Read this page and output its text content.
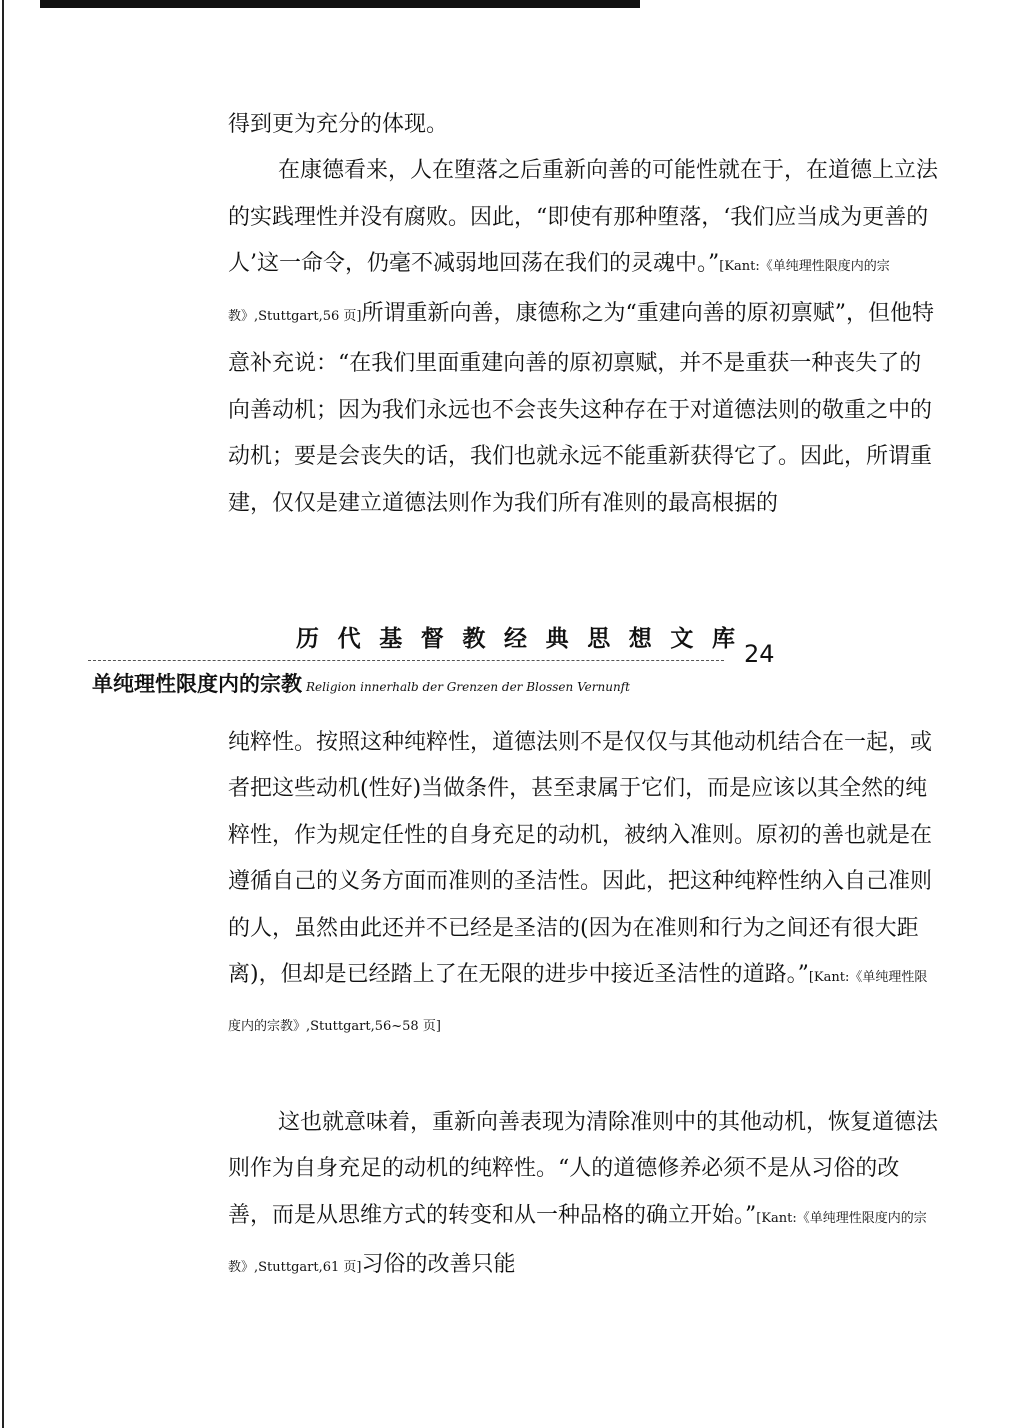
得到更为充分的体现。

在康德看来，人在堕落之后重新向善的可能性就在于，在道德上立法的实践理性并没有腐败。因此，“即使有那种堕落，‘我们应当成为更善的人’这一命令，仍毫不减弱地回荡在我们的灵魂中。”[Kant:《单纯理性限度内的宗教》,Stuttgart,56 页]所谓重新向善，康德称之为“重建向善的原初禀赋”，但他特意补充说：“在我们里面重建向善的原初禀赋，并不是重获一种丧失了的向善动机；因为我们永远也不会丧失这种存在于对道德法则的敬重之中的动机；要是会丧失的话，我们也就永远不能重新获得它了。因此，所谓重建，仅仅是建立道德法则作为我们所有准则的最高根据的

历代基督教经典思想文库
24
单纯理性限度内的宗教 Religion innerhalb der Grenzen der Blossen Vernunft

纯粹性。按照这种纯粹性，道德法则不是仅仅与其他动机结合在一起，或者把这些动机(性好)当做条件，甚至隶属于它们，而是应该以其全然的纯粹性，作为规定任性的自身充足的动机，被纳入准则。原初的善也就是在遵循自己的义务方面而准则的圣洁性。因此，把这种纯粹性纳入自己准则的人，虽然由此还并不已经是圣洁的(因为在准则和行为之间还有很大距离)，但却是已经踏上了在无限的进步中接近圣洁性的道路。”[Kant:《单纯理性限度内的宗教》,Stuttgart,56~58 页]

这也就意味着，重新向善表现为清除准则中的其他动机，恢复道德法则作为自身充足的动机的纯粹性。“人的道德修养必须不是从习俗的改善，而是从思维方式的转变和从一种品格的确立开始。”[Kant:《单纯理性限度内的宗教》,Stuttgart,61 页]习俗的改善只能
